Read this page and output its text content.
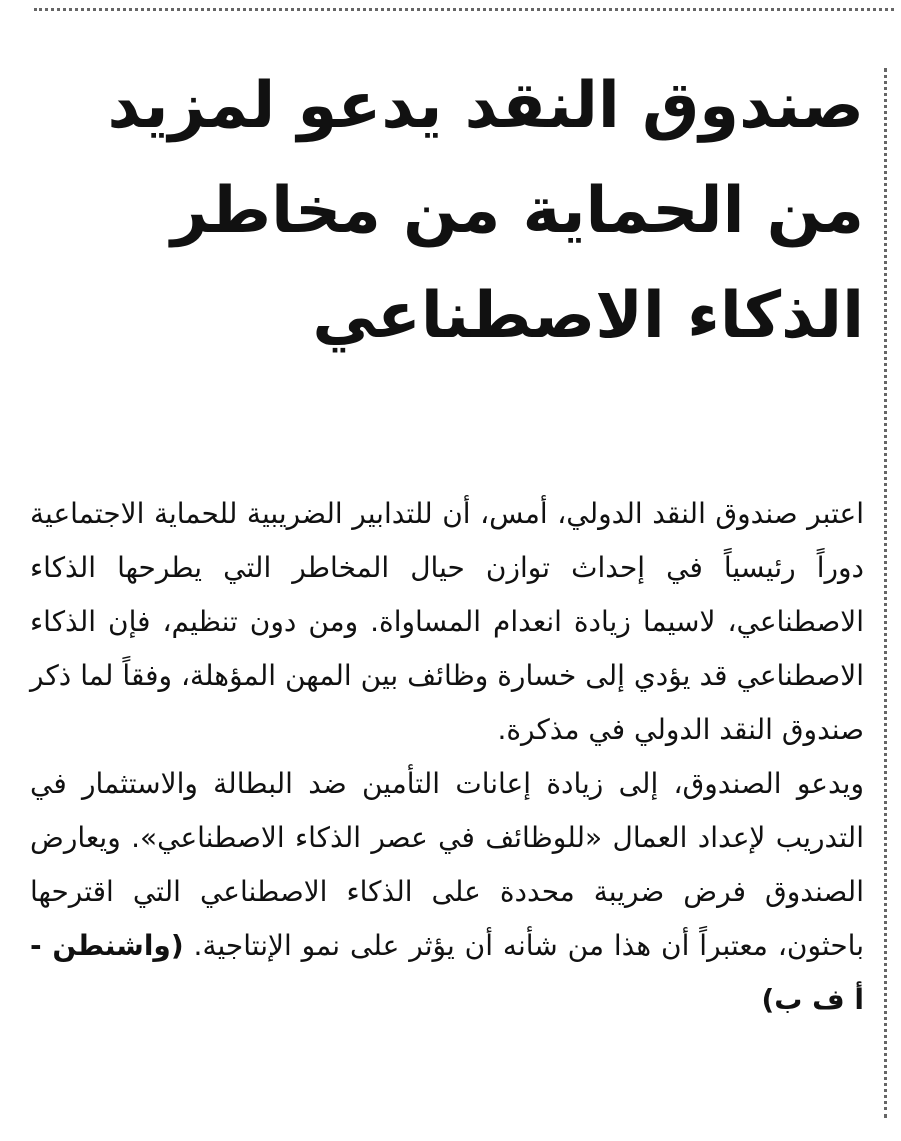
صندوق النقد يدعو لمزيد
من الحماية من مخاطر
الذكاء الاصطناعي

اعتبر صندوق النقد الدولي، أمس، أن للتدابير الضريبية للحماية الاجتماعية دوراً رئيسياً في إحداث توازن حيال المخاطر التي يطرحها الذكاء الاصطناعي، لاسيما زيادة انعدام المساواة. ومن دون تنظيم، فإن الذكاء الاصطناعي قد يؤدي إلى خسارة وظائف بين المهن المؤهلة، وفقاً لما ذكر صندوق النقد الدولي في مذكرة.

ويدعو الصندوق، إلى زيادة إعانات التأمين ضد البطالة والاستثمار في التدريب لإعداد العمال «للوظائف في عصر الذكاء الاصطناعي». ويعارض الصندوق فرض ضريبة محددة على الذكاء الاصطناعي التي اقترحها باحثون، معتبراً أن هذا من شأنه أن يؤثر على نمو الإنتاجية. (واشنطن - أ ف ب)
